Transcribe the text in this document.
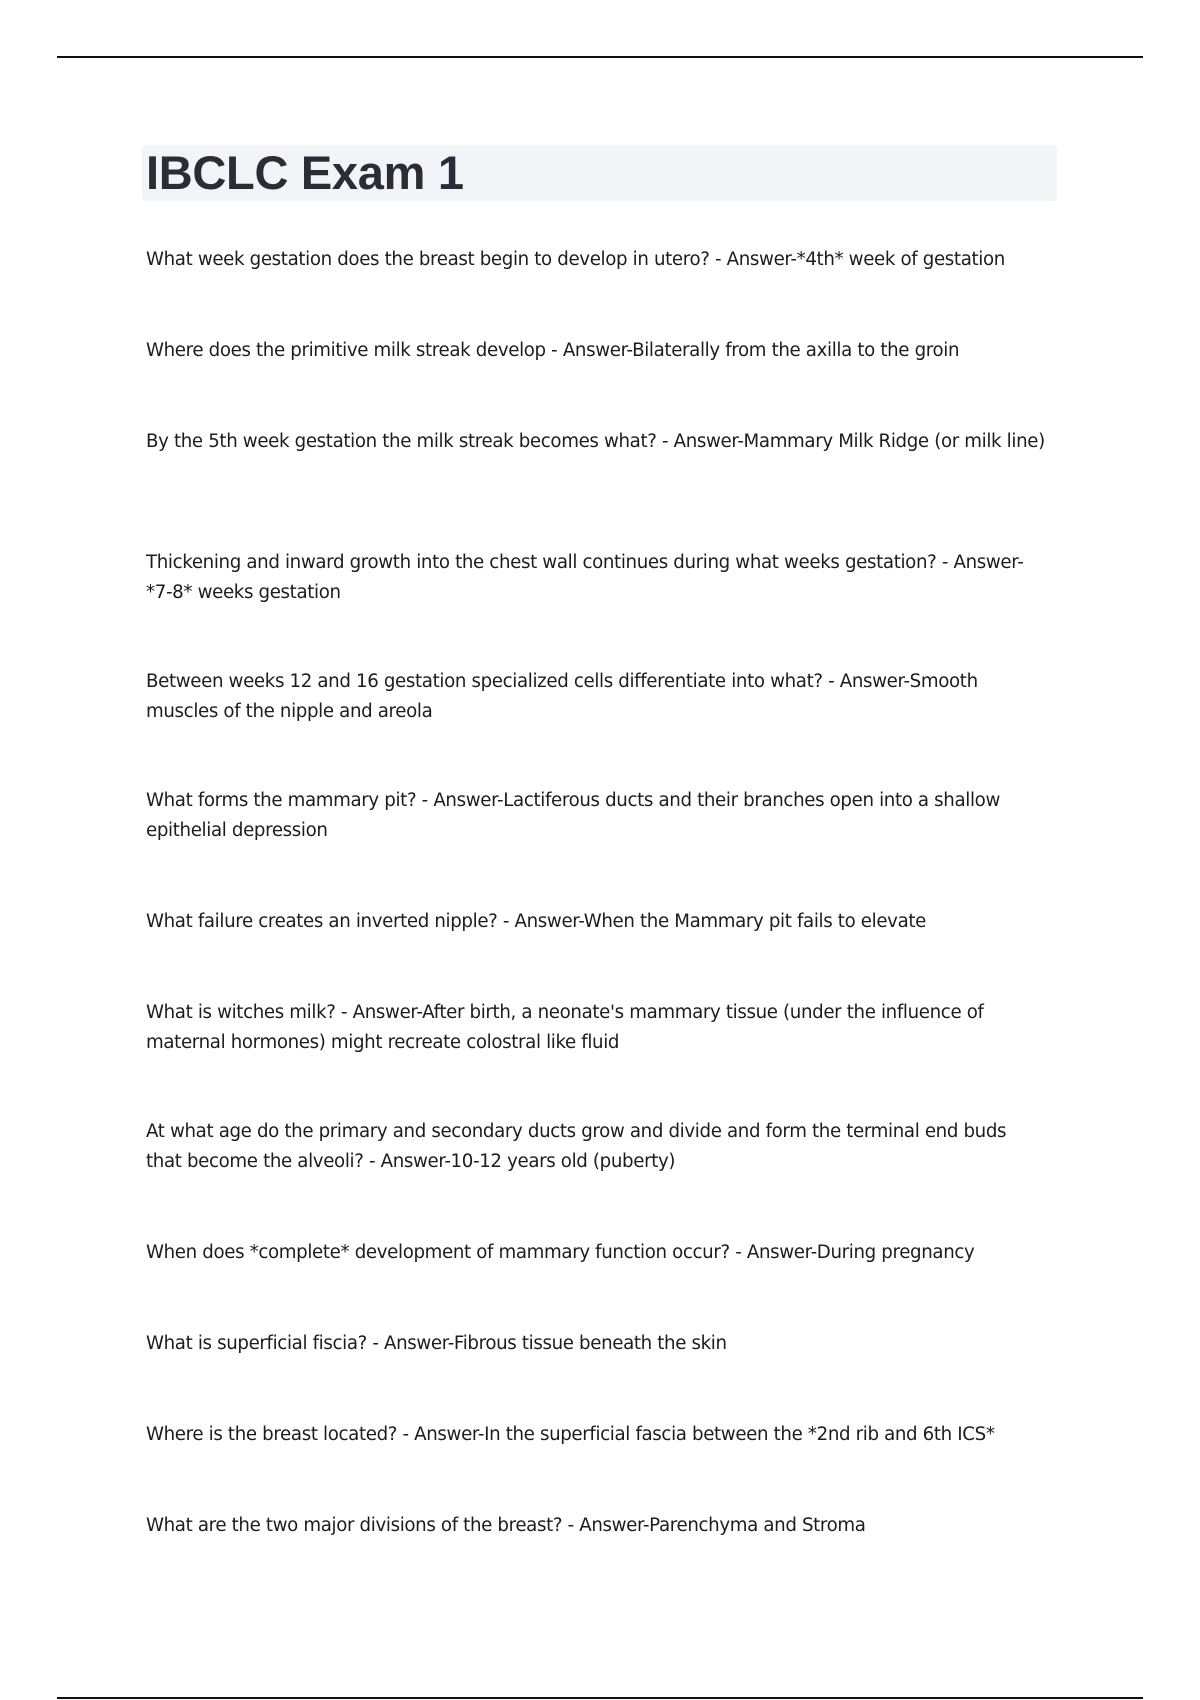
IBCLC Exam 1

What week gestation does the breast begin to develop in utero? - Answer-*4th* week of gestation

Where does the primitive milk streak develop - Answer-Bilaterally from the axilla to the groin

By the 5th week gestation the milk streak becomes what? - Answer-Mammary Milk Ridge (or milk line)

Thickening and inward growth into the chest wall continues during what weeks gestation? - Answer-*7-8* weeks gestation

Between weeks 12 and 16 gestation specialized cells differentiate into what? - Answer-Smooth muscles of the nipple and areola

What forms the mammary pit? - Answer-Lactiferous ducts and their branches open into a shallow epithelial depression

What failure creates an inverted nipple? - Answer-When the Mammary pit fails to elevate

What is witches milk? - Answer-After birth, a neonate's mammary tissue (under the influence of maternal hormones) might recreate colostral like fluid

At what age do the primary and secondary ducts grow and divide and form the terminal end buds that become the alveoli? - Answer-10-12 years old (puberty)

When does *complete* development of mammary function occur? - Answer-During pregnancy

What is superficial fiscia? - Answer-Fibrous tissue beneath the skin

Where is the breast located? - Answer-In the superficial fascia between the *2nd rib and 6th ICS*

What are the two major divisions of the breast? - Answer-Parenchyma and Stroma
